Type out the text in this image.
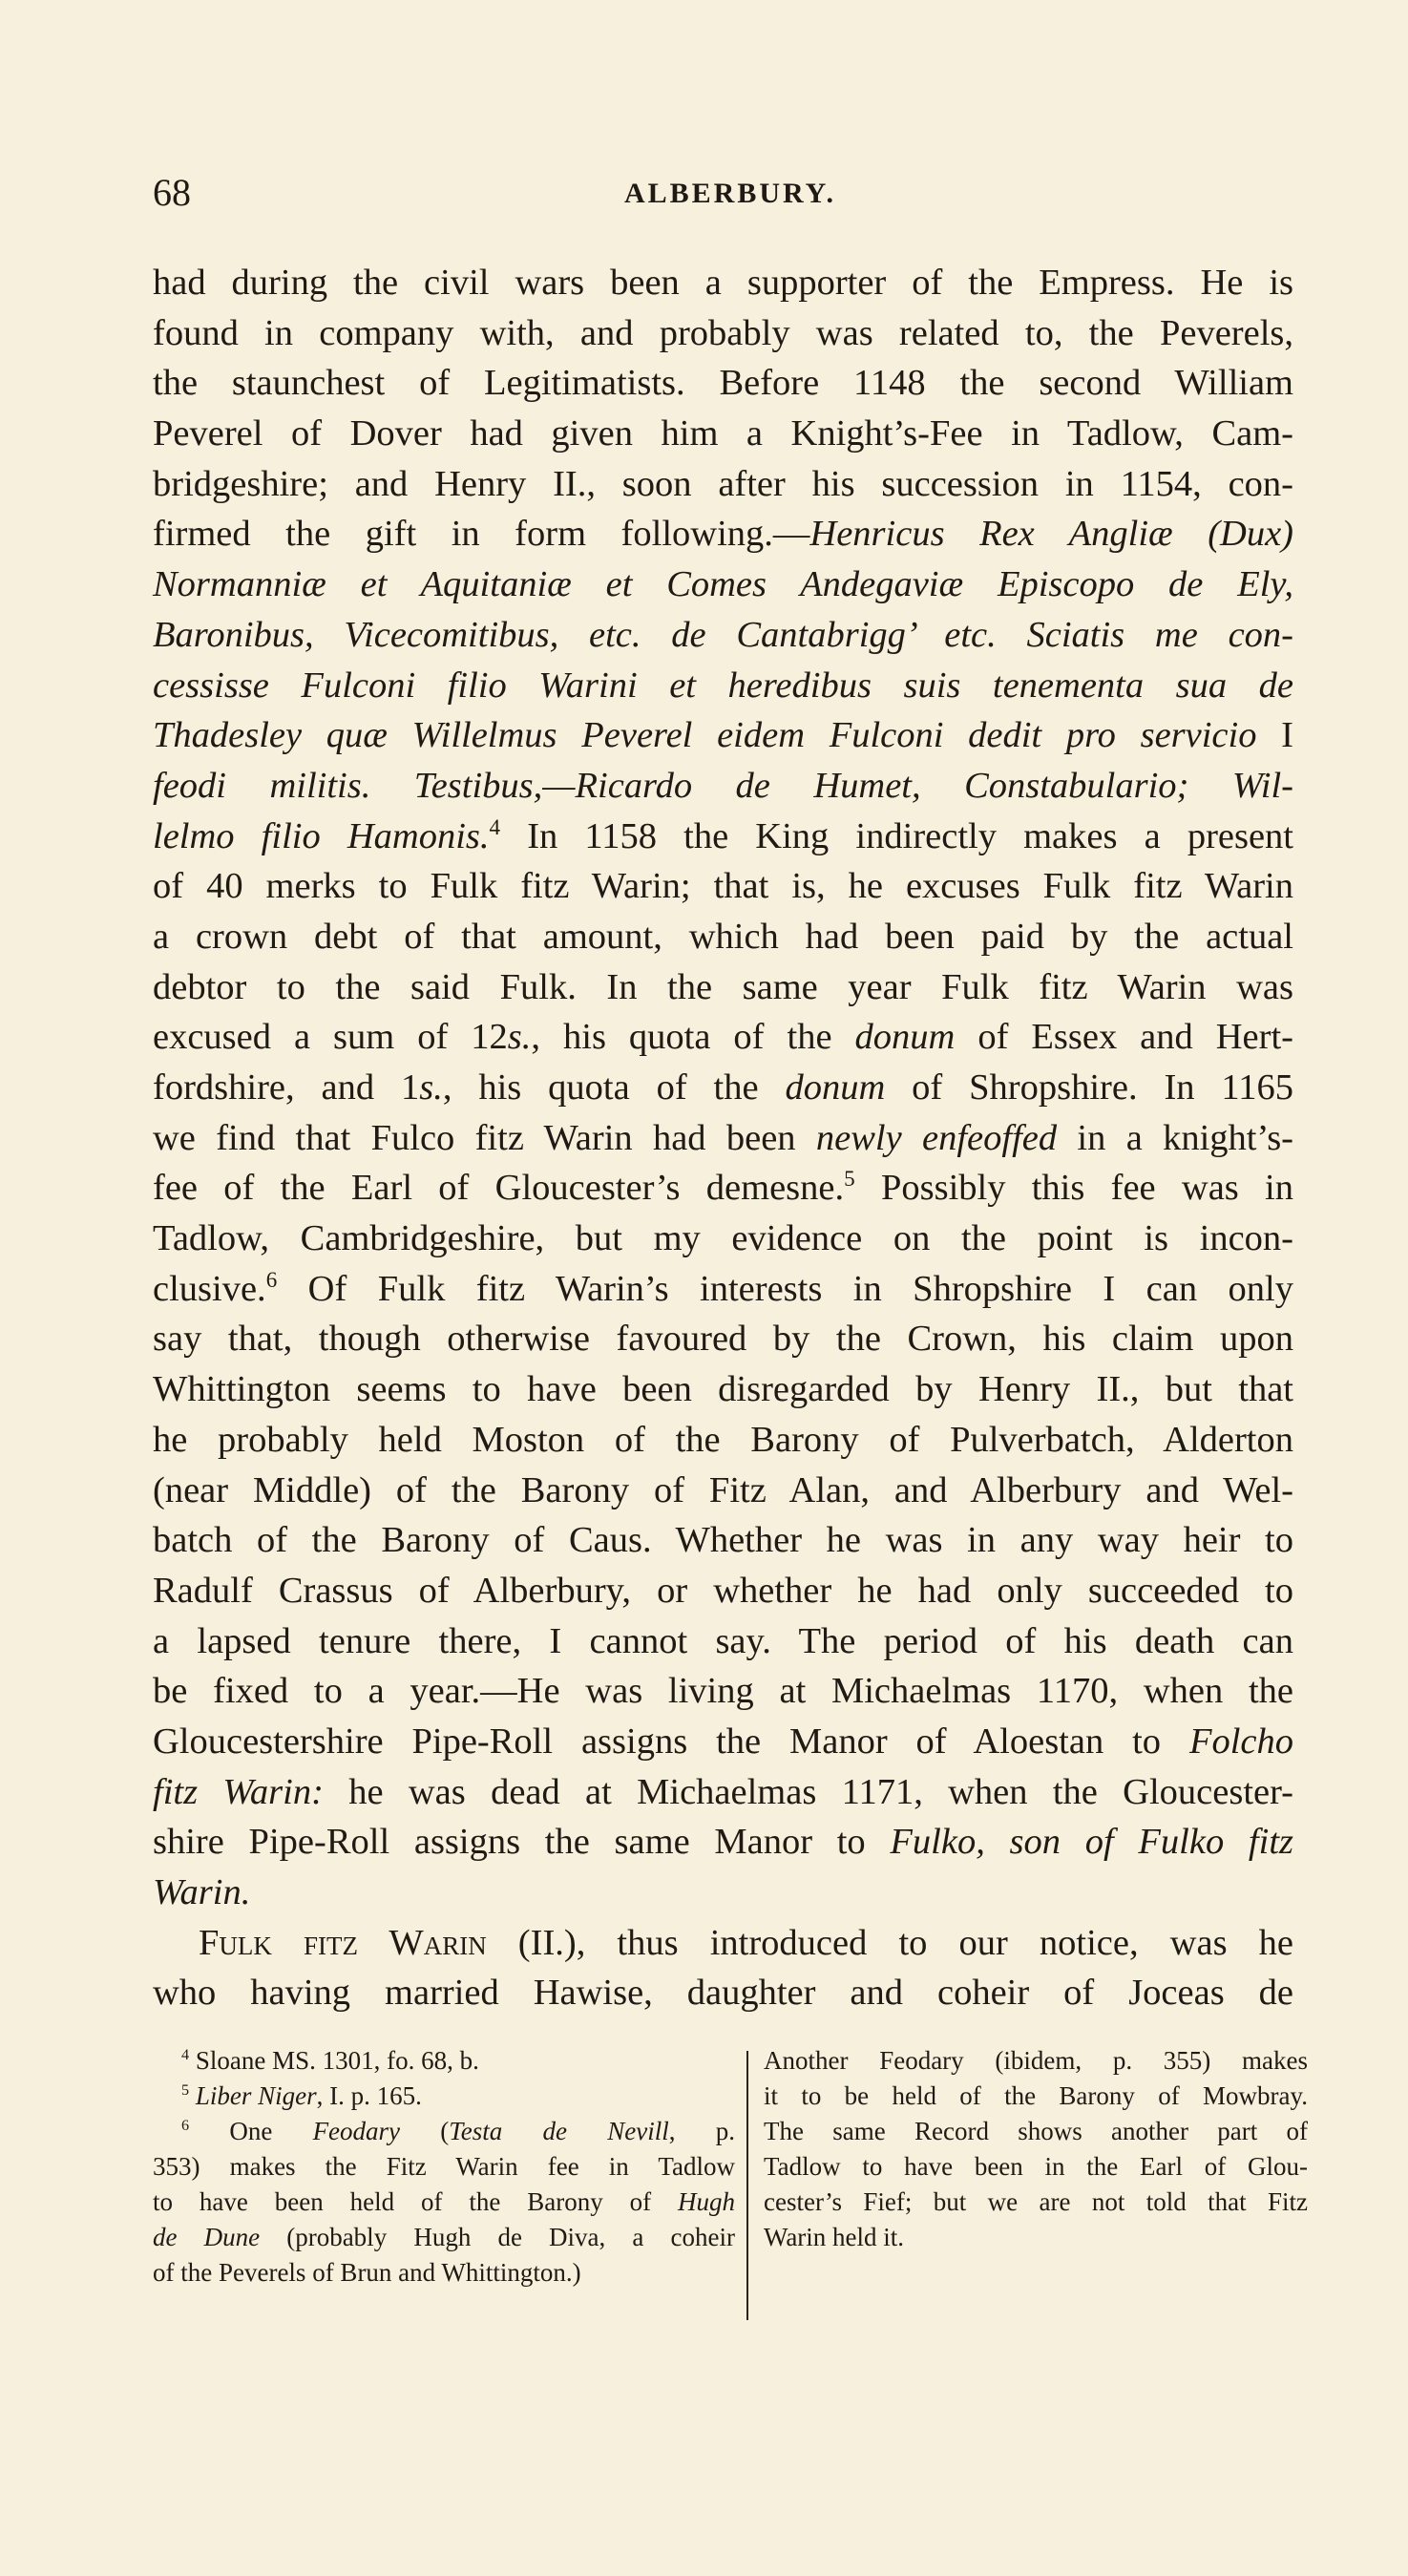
68	ALBERBURY.
had during the civil wars been a supporter of the Empress. He is
found in company with, and probably was related to, the Peverels,
the staunchest of Legitimatists. Before 1148 the second William
Peverel of Dover had given him a Knight’s-Fee in Tadlow, Cam-
bridgeshire; and Henry II., soon after his succession in 1154, con-
firmed the gift in form following.—Henricus Rex Angliæ (Dux)
Normanniæ et Aquitaniæ et Comes Andegaviæ Episcopo de Ely,
Baronibus, Vicecomitibus, etc. de Cantabrigg’ etc. Sciatis me con-
cessisse Fulconi filio Warini et heredibus suis tenementa sua de
Thadesley quæ Willelmus Peverel eidem Fulconi dedit pro servicio I
feodi militis. Testibus,—Ricardo de Humet, Constabulario; Wil-
lelmo filio Hamonis.$^4$ In 1158 the King indirectly makes a present
of 40 merks to Fulk fitz Warin; that is, he excuses Fulk fitz Warin
a crown debt of that amount, which had been paid by the actual
debtor to the said Fulk. In the same year Fulk fitz Warin was
excused a sum of 12s., his quota of the donum of Essex and Hert-
fordshire, and 1s., his quota of the donum of Shropshire. In 1165
we find that Fulco fitz Warin had been newly enfeoffed in a knight’s-
fee of the Earl of Gloucester’s demesne.$^5$ Possibly this fee was in
Tadlow, Cambridgeshire, but my evidence on the point is incon-
clusive.$^6$ Of Fulk fitz Warin’s interests in Shropshire I can only
say that, though otherwise favoured by the Crown, his claim upon
Whittington seems to have been disregarded by Henry II., but that
he probably held Moston of the Barony of Pulverbatch, Alderton
(near Middle) of the Barony of Fitz Alan, and Alberbury and Wel-
batch of the Barony of Caus. Whether he was in any way heir to
Radulf Crassus of Alberbury, or whether he had only succeeded to
a lapsed tenure there, I cannot say. The period of his death can
be fixed to a year.—He was living at Michaelmas 1170, when the
Gloucestershire Pipe-Roll assigns the Manor of Aloestan to Folcho
fitz Warin: he was dead at Michaelmas 1171, when the Gloucester-
shire Pipe-Roll assigns the same Manor to Fulko, son of Fulko fitz
Warin.
Fulk fitz Warin (II.), thus introduced to our notice, was he
who having married Hawise, daughter and coheir of Joceas de
$^4$ Sloane MS. 1301, fo. 68, b.
$^5$ Liber Niger, I. p. 165.
$^6$ One Feodary (Testa de Nevill, p.
353) makes the Fitz Warin fee in Tadlow
to have been held of the Barony of Hugh
de Dune (probably Hugh de Diva, a coheir
of the Peverels of Brun and Whittington.)
Another Feodary (ibidem, p. 355) makes
it to be held of the Barony of Mowbray.
The same Record shows another part of
Tadlow to have been in the Earl of Glou-
cester’s Fief; but we are not told that Fitz
Warin held it.
